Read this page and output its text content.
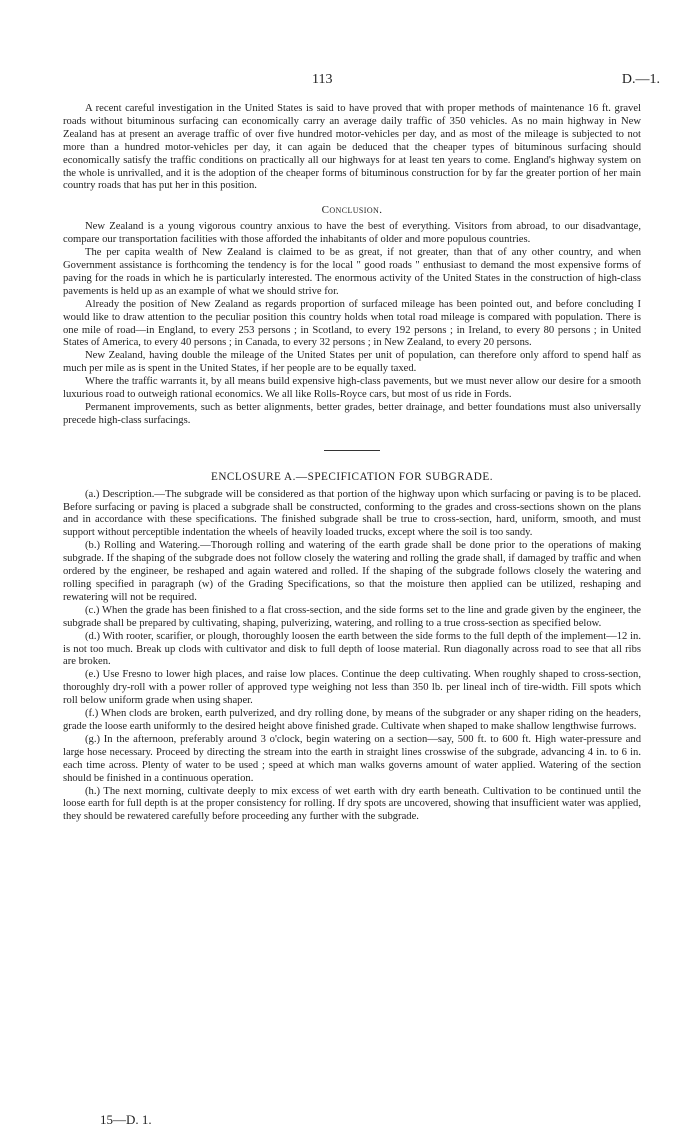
113	D.—1.

A recent careful investigation in the United States is said to have proved that with proper methods of maintenance 16 ft. gravel roads without bituminous surfacing can economically carry an average daily traffic of 350 vehicles. As no main highway in New Zealand has at present an average traffic of over five hundred motor-vehicles per day, and as most of the mileage is subjected to not more than a hundred motor-vehicles per day, it can again be deduced that the cheaper types of bituminous surfacing should economically satisfy the traffic conditions on practically all our highways for at least ten years to come. England's highway system on the whole is unrivalled, and it is the adoption of the cheaper forms of bituminous construction for by far the greater portion of her main country roads that has put her in this position.

Conclusion.

New Zealand is a young vigorous country anxious to have the best of everything. Visitors from abroad, to our disadvantage, compare our transportation facilities with those afforded the inhabitants of older and more populous countries.

The per capita wealth of New Zealand is claimed to be as great, if not greater, than that of any other country, and when Government assistance is forthcoming the tendency is for the local " good roads " enthusiast to demand the most expensive forms of paving for the roads in which he is particularly interested. The enormous activity of the United States in the construction of high-class pavements is held up as an example of what we should strive for.

Already the position of New Zealand as regards proportion of surfaced mileage has been pointed out, and before concluding I would like to draw attention to the peculiar position this country holds when total road mileage is compared with population. There is one mile of road—in England, to every 253 persons ; in Scotland, to every 192 persons ; in Ireland, to every 80 persons ; in United States of America, to every 40 persons ; in Canada, to every 32 persons ; in New Zealand, to every 20 persons.

New Zealand, having double the mileage of the United States per unit of population, can therefore only afford to spend half as much per mile as is spent in the United States, if her people are to be equally taxed.

Where the traffic warrants it, by all means build expensive high-class pavements, but we must never allow our desire for a smooth luxurious road to outweigh rational economics. We all like Rolls-Royce cars, but most of us ride in Fords.

Permanent improvements, such as better alignments, better grades, better drainage, and better foundations must also universally precede high-class surfacings.

ENCLOSURE A.—SPECIFICATION FOR SUBGRADE.

(a.) Description.—The subgrade will be considered as that portion of the highway upon which surfacing or paving is to be placed. Before surfacing or paving is placed a subgrade shall be constructed, conforming to the grades and cross-sections shown on the plans and in accordance with these specifications. The finished subgrade shall be true to cross-section, hard, uniform, smooth, and must support without perceptible indentation the wheels of heavily loaded trucks, except where the soil is too sandy.

(b.) Rolling and Watering.—Thorough rolling and watering of the earth grade shall be done prior to the operations of making subgrade. If the shaping of the subgrade does not follow closely the watering and rolling the grade shall, if damaged by traffic and when ordered by the engineer, be reshaped and again watered and rolled. If the shaping of the subgrade follows closely the watering and rolling specified in paragraph (w) of the Grading Specifications, so that the moisture then applied can be utilized, reshaping and rewatering will not be required.

(c.) When the grade has been finished to a flat cross-section, and the side forms set to the line and grade given by the engineer, the subgrade shall be prepared by cultivating, shaping, pulverizing, watering, and rolling to a true cross-section as specified below.

(d.) With rooter, scarifier, or plough, thoroughly loosen the earth between the side forms to the full depth of the implement—12 in. is not too much. Break up clods with cultivator and disk to full depth of loose material. Run diagonally across road to see that all ribs are broken.

(e.) Use Fresno to lower high places, and raise low places. Continue the deep cultivating. When roughly shaped to cross-section, thoroughly dry-roll with a power roller of approved type weighing not less than 350 lb. per lineal inch of tire-width. Fill spots which roll below uniform grade when using shaper.

(f.) When clods are broken, earth pulverized, and dry rolling done, by means of the subgrader or any shaper riding on the headers, grade the loose earth uniformly to the desired height above finished grade. Cultivate when shaped to make shallow lengthwise furrows.

(g.) In the afternoon, preferably around 3 o'clock, begin watering on a section—say, 500 ft. to 600 ft. High water-pressure and large hose necessary. Proceed by directing the stream into the earth in straight lines crosswise of the subgrade, advancing 4 in. to 6 in. each time across. Plenty of water to be used ; speed at which man walks governs amount of water applied. Watering of the section should be finished in a continuous operation.

(h.) The next morning, cultivate deeply to mix excess of wet earth with dry earth beneath. Cultivation to be continued until the loose earth for full depth is at the proper consistency for rolling. If dry spots are uncovered, showing that insufficient water was applied, they should be rewatered carefully before proceeding any further with the subgrade.

15—D. 1.
